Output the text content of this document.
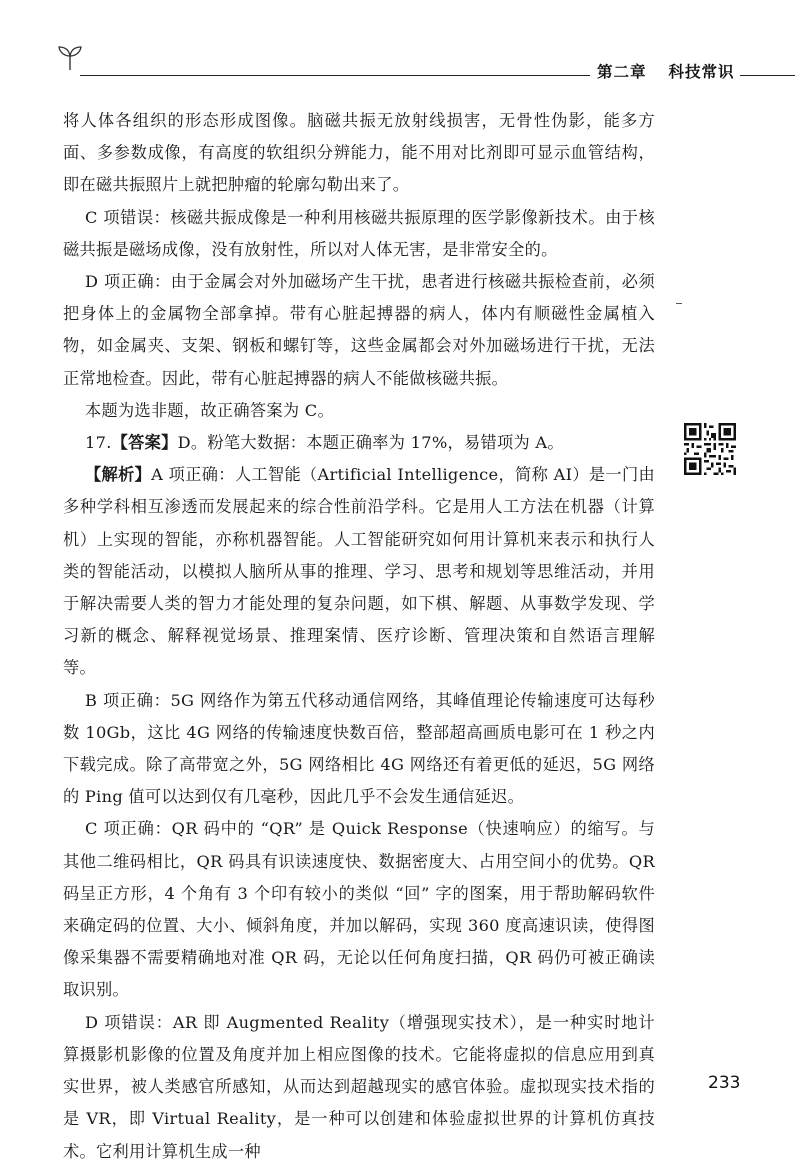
第二章 科技常识

将人体各组织的形态形成图像。脑磁共振无放射线损害，无骨性伪影，能多方面、多参数成像，有高度的软组织分辨能力，能不用对比剂即可显示血管结构，即在磁共振照片上就把肿瘤的轮廓勾勒出来了。

C 项错误：核磁共振成像是一种利用核磁共振原理的医学影像新技术。由于核磁共振是磁场成像，没有放射性，所以对人体无害，是非常安全的。

D 项正确：由于金属会对外加磁场产生干扰，患者进行核磁共振检查前，必须把身体上的金属物全部拿掉。带有心脏起搏器的病人，体内有顺磁性金属植入物，如金属夹、支架、钢板和螺钉等，这些金属都会对外加磁场进行干扰，无法正常地检查。因此，带有心脏起搏器的病人不能做核磁共振。

本题为选非题，故正确答案为 C。

17.【答案】D。粉笔大数据：本题正确率为 17%，易错项为 A。

【解析】A 项正确：人工智能（Artificial Intelligence，简称 AI）是一门由多种学科相互渗透而发展起来的综合性前沿学科。它是用人工方法在机器（计算机）上实现的智能，亦称机器智能。人工智能研究如何用计算机来表示和执行人类的智能活动，以模拟人脑所从事的推理、学习、思考和规划等思维活动，并用于解决需要人类的智力才能处理的复杂问题，如下棋、解题、从事数学发现、学习新的概念、解释视觉场景、推理案情、医疗诊断、管理决策和自然语言理解等。

B 项正确：5G 网络作为第五代移动通信网络，其峰值理论传输速度可达每秒数 10Gb，这比 4G 网络的传输速度快数百倍，整部超高画质电影可在 1 秒之内下载完成。除了高带宽之外，5G 网络相比 4G 网络还有着更低的延迟，5G 网络的 Ping 值可以达到仅有几毫秒，因此几乎不会发生通信延迟。

C 项正确：QR 码中的 “QR” 是 Quick Response（快速响应）的缩写。与其他二维码相比，QR 码具有识读速度快、数据密度大、占用空间小的优势。QR 码呈正方形，4 个角有 3 个印有较小的类似 “回” 字的图案，用于帮助解码软件来确定码的位置、大小、倾斜角度，并加以解码，实现 360 度高速识读，使得图像采集器不需要精确地对准 QR 码，无论以任何角度扫描，QR 码仍可被正确读取识别。

D 项错误：AR 即 Augmented Reality（增强现实技术），是一种实时地计算摄影机影像的位置及角度并加上相应图像的技术。它能将虚拟的信息应用到真实世界，被人类感官所感知，从而达到超越现实的感官体验。虚拟现实技术指的是 VR，即 Virtual Reality，是一种可以创建和体验虚拟世界的计算机仿真技术。它利用计算机生成一种

233
